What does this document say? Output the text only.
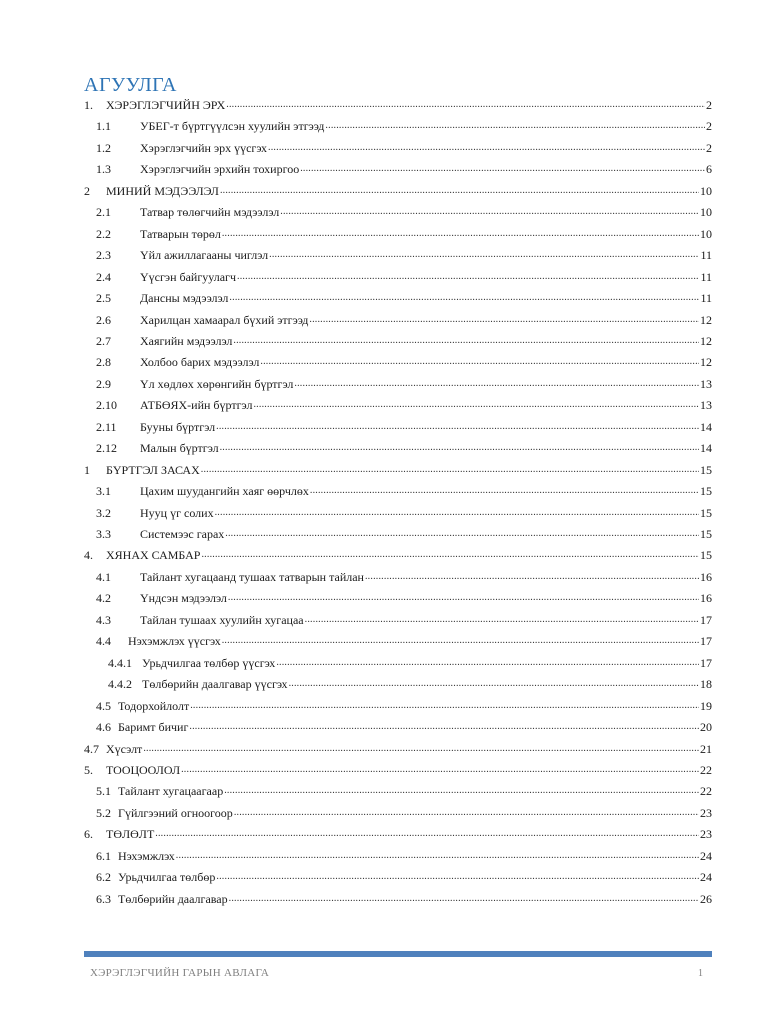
АГУУЛГА
1.	ХЭРЭГЛЭГЧИЙН ЭРХ .....	2
1.1	УБЕГ-т бүртгүүлсэн хуулийн этгээд .....	2
1.2	Хэрэглэгчийн эрх үүсгэх .....	2
1.3	Хэрэглэгчийн эрхийн тохиргоо .....	6
2	МИНИЙ МЭДЭЭЛЭЛ .....	10
2.1	Татвар төлөгчийн мэдээлэл .....	10
2.2	Татварын төрөл .....	10
2.3	Үйл ажиллагааны чиглэл .....	11
2.4	Үүсгэн байгуулагч .....	11
2.5	Дансны мэдээлэл .....	11
2.6	Харилцан хамаарал бүхий этгээд .....	12
2.7	Хаягийн мэдээлэл .....	12
2.8	Холбоо барих мэдээлэл .....	12
2.9	Үл хөдлөх хөрөнгийн бүртгэл .....	13
2.10	АТБӨЯХ-ийн бүртгэл .....	13
2.11	Бууны бүртгэл .....	14
2.12	Малын бүртгэл .....	14
1	БҮРТГЭЛ ЗАСАХ .....	15
3.1	Цахим шуудангийн хаяг өөрчлөх .....	15
3.2	Нууц үг солих .....	15
3.3	Системээс гарах .....	15
4.	ХЯНАХ САМБАР .....	15
4.1	Тайлант хугацаанд тушаах татварын тайлан .....	16
4.2	Үндсэн мэдээлэл .....	16
4.3	Тайлан тушаах хуулийн хугацаа .....	17
4.4	Нэхэмжлэх үүсгэх .....	17
4.4.1 Урьдчилгаа төлбөр үүсгэх .....	17
4.4.2 Төлбөрийн даалгавар үүсгэх .....	18
4.5 Тодорхойлолт .....	19
4.6 Баримт бичиг .....	20
4.7 Хүсэлт .....	21
5.	ТООЦООЛОЛ .....	22
5.1 Тайлант хугацаагаар .....	22
5.2 Гүйлгээний огноогоор .....	23
6.	ТӨЛӨЛТ .....	23
6.1 Нэхэмжлэх .....	24
6.2 Урьдчилгаа төлбөр .....	24
6.3 Төлбөрийн даалгавар .....	26
ХЭРЭГЛЭГЧИЙН ГАРЫН АВЛАГА	1
